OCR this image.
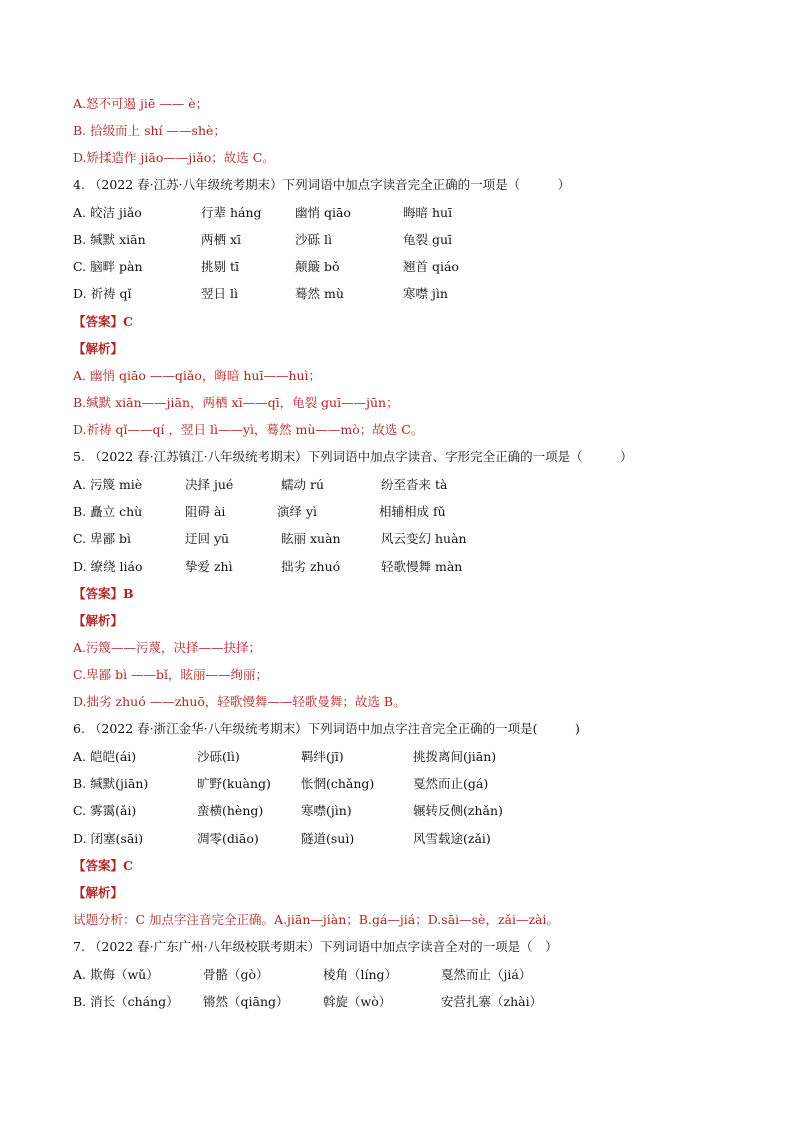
A.怒不可遏 jiē —— è；
B. 拾级而上 shí ——shè；
D.矫揉造作 jiāo——jiǎo；故选 C。
4. （2022 春·江苏·八年级统考期末）下列词语中加点字读音完全正确的一项是（　　　）
A. 皎洁 jiǎo	行辈 háng	幽悄 qiāo	晦暗 huī
B. 缄默 xiān	两栖 xī	沙砾 lì	龟裂 guī
C. 脑畔 pàn	挑剔 tī	颠簸 bǒ	翘首 qiáo
D. 祈祷 qǐ	翌日 lì	蓦然 mù	寒噤 jìn
【答案】C
【解析】
A. 幽悄 qiāo ——qiǎo，晦暗 huī——huì；
B.缄默 xiān——jiān，两栖 xī——qī，龟裂 guī——jūn；
D.祈祷 qǐ——qí ，翌日 lì——yì，蓦然 mù——mò；故选 C。
5. （2022 春·江苏镇江·八年级统考期末）下列词语中加点字读音、字形完全正确的一项是（　　　）
A. 污篾 miè	决择 jué	蠕动 rú	纷至沓来 tà
B. 矗立 chù	阻碍 ài	演绎 yì	相辅相成 fǔ
C. 卑鄙 bì	迂回 yū	眩丽 xuàn	风云变幻 huàn
D. 缭绕 liáo	挚爱 zhì	拙劣 zhuó	轻歌慢舞 màn
【答案】B
【解析】
A.污篾——污蔑，决择——抉择；
C.卑鄙 bì ——bǐ，眩丽——绚丽；
D.拙劣 zhuó ——zhuō，轻歌慢舞——轻歌曼舞；故选 B。
6. （2022 春·浙江金华·八年级统考期末）下列词语中加点字注音完全正确的一项是(　　　)
A. 皑皑(ái)	沙砾(lì)	羁绊(jī)	挑拨离间(jiān)
B. 缄默(jiān)	旷野(kuàng) 怅惘(chǎng)	戛然而止(gá)
C. 雾霭(ǎi)	蛮横(hèng)	寒噤(jìn)	辗转反侧(zhǎn)
D. 闭塞(sāi)	凋零(diāo)	隧道(suì)	风雪载途(zǎi)
【答案】C
【解析】
试题分析：C 加点字注音完全正确。A.jiān—jiàn；B.gá—jiá；D.sāi—sè，zǎi—zài。
7. （2022 春·广东广州·八年级校联考期末）下列词语中加点字读音全对的一项是（　）
A. 欺侮（wǔ）	骨骼（gò）	棱角（líng）	戛然而止（jiá）
B. 消长（cháng） 锵然（qiāng）	斡旋（wò）	安营扎寨（zhài）
